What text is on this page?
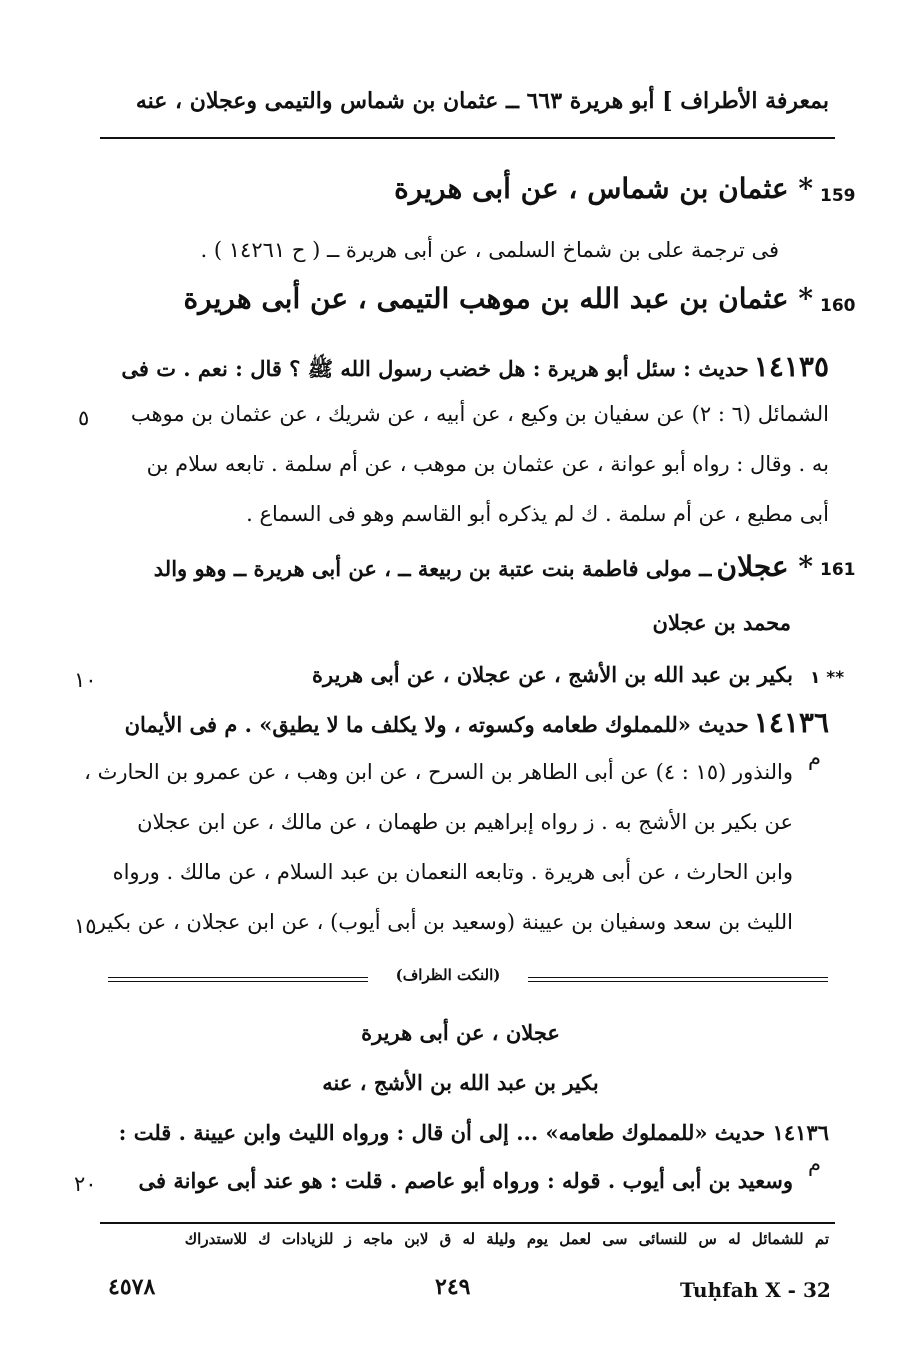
بمعرفة الأطراف ] أبو هريرة ٦٦٣ ــ عثمان بن شماس والتيمى وعجلان ، عنه
159
* عثمان بن شماس ، عن أبى هريرة
فى ترجمة على بن شماخ السلمى ، عن أبى هريرة ــ ( ح ١٤٢٦١ ) .
160
* عثمان بن عبد الله بن موهب التيمى ، عن أبى هريرة
١٤١٣٥ حديث : سئل أبو هريرة : هل خضب رسول الله ﷺ ؟ قال : نعم . ت فى
الشمائل (٦ : ٢) عن سفيان بن وكيع ، عن أبيه ، عن شريك ، عن عثمان بن موهب
٥
به . وقال : رواه أبو عوانة ، عن عثمان بن موهب ، عن أم سلمة . تابعه سلام بن
أبى مطيع ، عن أم سلمة . ك لم يذكره أبو القاسم وهو فى السماع .
161
* عجلان ــ مولى فاطمة بنت عتبة بن ربيعة ــ ، عن أبى هريرة ــ وهو والد
محمد بن عجلان
١ ‎**
بكير بن عبد الله بن الأشج ، عن عجلان ، عن أبى هريرة
١٠
١٤١٣٦ حديث «للمملوك طعامه وكسوته ، ولا يكلف ما لا يطيق» . م فى الأيمان
م
والنذور (١٥ : ٤) عن أبى الطاهر بن السرح ، عن ابن وهب ، عن عمرو بن الحارث ،
عن بكير بن الأشج به . ز رواه إبراهيم بن طهمان ، عن مالك ، عن ابن عجلان
وابن الحارث ، عن أبى هريرة . وتابعه النعمان بن عبد السلام ، عن مالك . ورواه
الليث بن سعد وسفيان بن عيينة (وسعيد بن أبى أيوب) ، عن ابن عجلان ، عن بكير
١٥
(النكت الظراف)
عجلان ، عن أبى هريرة
بكير بن عبد الله بن الأشج ، عنه
١٤١٣٦ حديث «للمملوك طعامه» ... إلى أن قال : ورواه الليث وابن عيينة . قلت :
م
وسعيد بن أبى أيوب . قوله : ورواه أبو عاصم . قلت : هو عند أبى عوانة فى
٢٠
تم للشمائل له س للنسائى سى لعمل يوم وليلة له ق لابن ماجه ز للزيادات ك للاستدراك
Tuḥfah X - 32
٢٤٩
٤٥٧٨
